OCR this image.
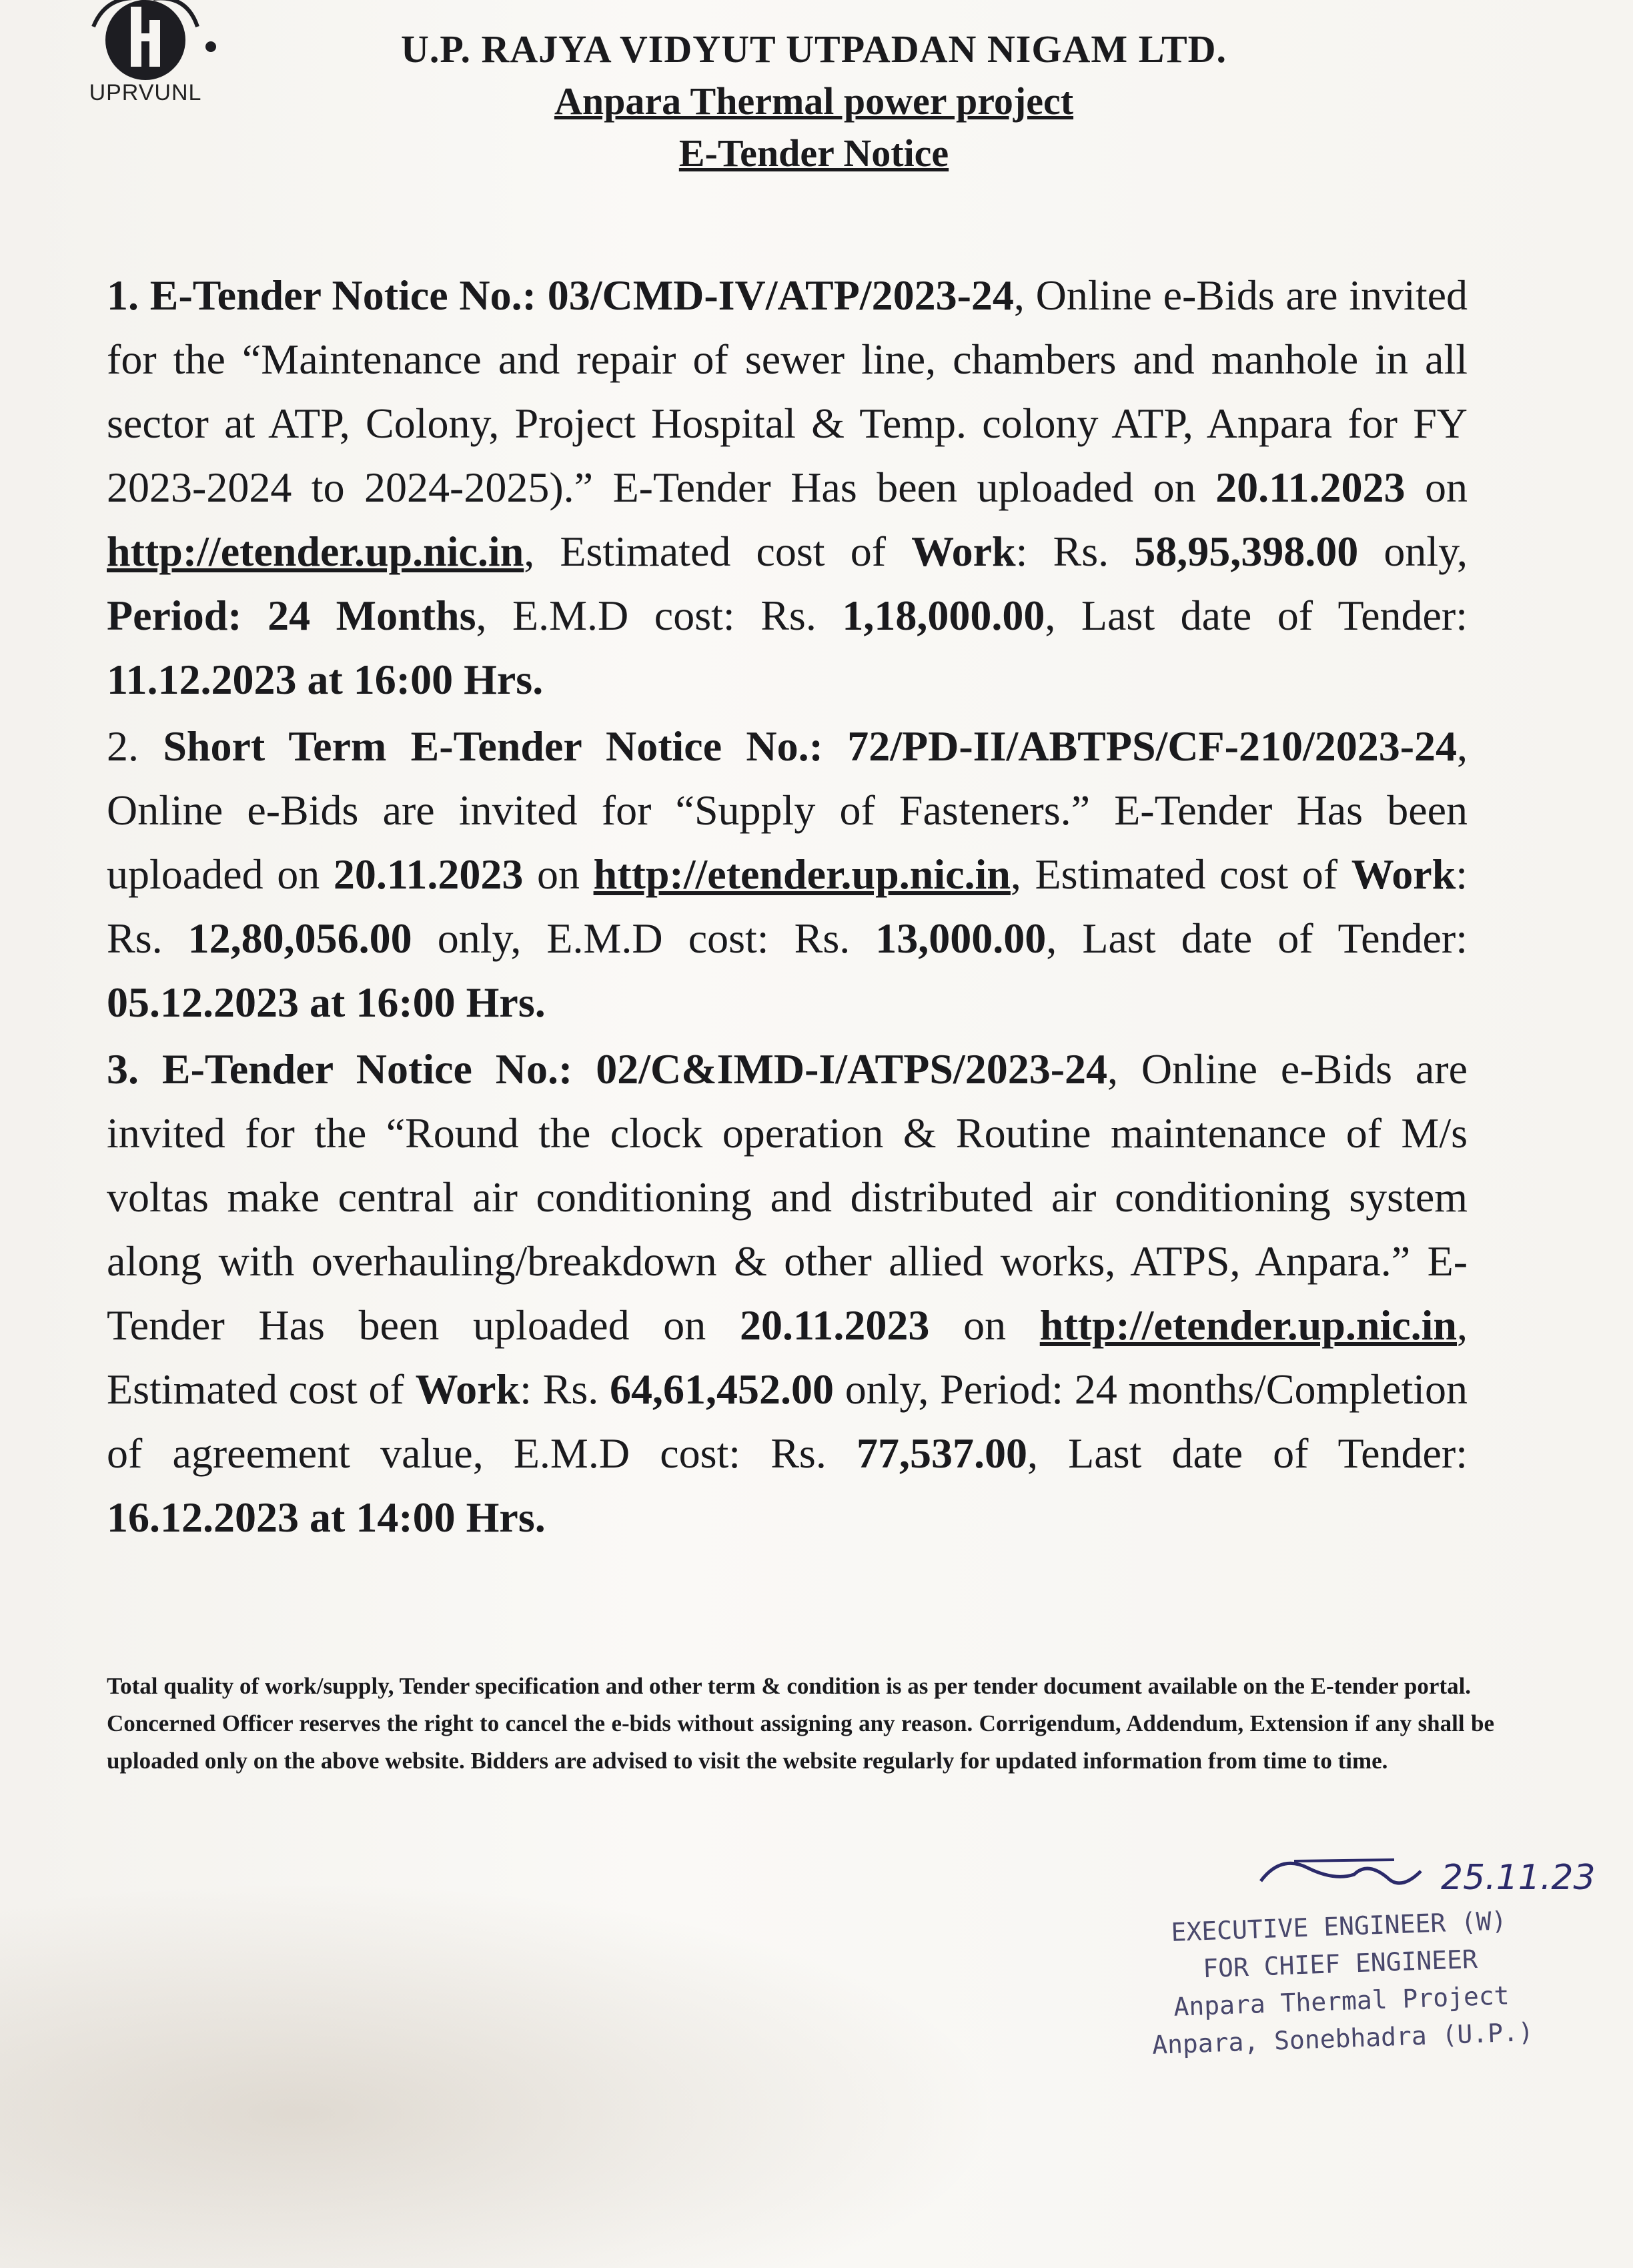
UPRVUNL
U.P. RAJYA VIDYUT UTPADAN NIGAM LTD.
Anpara Thermal power project
E-Tender Notice
1. E-Tender Notice No.: 03/CMD-IV/ATP/2023-24, Online e-Bids are invited for the “Maintenance and repair of sewer line, chambers and manhole in all sector at ATP, Colony, Project Hospital & Temp. colony ATP, Anpara for FY 2023-2024 to 2024-2025).” E-Tender Has been uploaded on 20.11.2023 on http://etender.up.nic.in, Estimated cost of Work: Rs. 58,95,398.00 only, Period: 24 Months, E.M.D cost: Rs. 1,18,000.00, Last date of Tender: 11.12.2023 at 16:00 Hrs.
2. Short Term E-Tender Notice No.: 72/PD-II/ABTPS/CF-210/2023-24, Online e-Bids are invited for “Supply of Fasteners.” E-Tender Has been uploaded on 20.11.2023 on http://etender.up.nic.in, Estimated cost of Work: Rs. 12,80,056.00 only, E.M.D cost: Rs. 13,000.00, Last date of Tender: 05.12.2023 at 16:00 Hrs.
3. E-Tender Notice No.: 02/C&IMD-I/ATPS/2023-24, Online e-Bids are invited for the “Round the clock operation & Routine maintenance of M/s voltas make central air conditioning and distributed air conditioning system along with overhauling/breakdown & other allied works, ATPS, Anpara.” E-Tender Has been uploaded on 20.11.2023 on http://etender.up.nic.in, Estimated cost of Work: Rs. 64,61,452.00 only, Period: 24 months/Completion of agreement value, E.M.D cost: Rs. 77,537.00, Last date of Tender: 16.12.2023 at 14:00 Hrs.

Total quality of work/supply, Tender specification and other term & condition is as per tender document available on the E-tender portal.

Concerned Officer reserves the right to cancel the e-bids without assigning any reason. Corrigendum, Addendum, Extension if any shall be uploaded only on the above website. Bidders are advised to visit the website regularly for updated information from time to time.

25.11.23
EXECUTIVE ENGINEER (W)
FOR CHIEF ENGINEER
Anpara Thermal Project
Anpara, Sonebhadra (U.P.)
